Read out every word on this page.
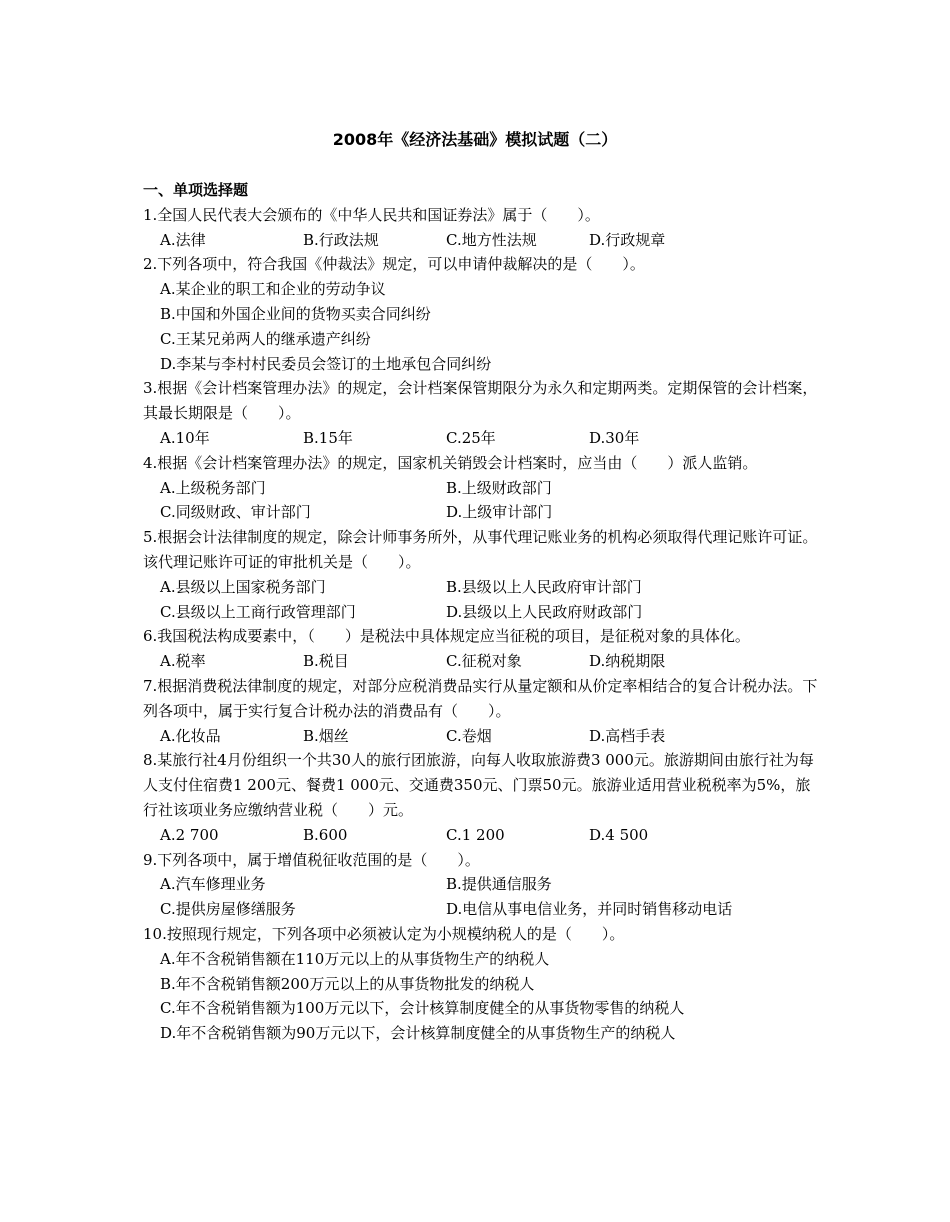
2008年《经济法基础》模拟试题（二）
一、单项选择题
1.全国人民代表大会颁布的《中华人民共和国证券法》属于（　　）。
A.法律	B.行政法规	C.地方性法规	D.行政规章
2.下列各项中，符合我国《仲裁法》规定，可以申请仲裁解决的是（　　）。
A.某企业的职工和企业的劳动争议
B.中国和外国企业间的货物买卖合同纠纷
C.王某兄弟两人的继承遗产纠纷
D.李某与李村村民委员会签订的土地承包合同纠纷
3.根据《会计档案管理办法》的规定，会计档案保管期限分为永久和定期两类。定期保管的会计档案，其最长期限是（　　）。
A.10年	B.15年	C.25年	D.30年
4.根据《会计档案管理办法》的规定，国家机关销毁会计档案时，应当由（　　）派人监销。
A.上级税务部门	B.上级财政部门
C.同级财政、审计部门	D.上级审计部门
5.根据会计法律制度的规定，除会计师事务所外，从事代理记账业务的机构必须取得代理记账许可证。该代理记账许可证的审批机关是（　　）。
A.县级以上国家税务部门	B.县级以上人民政府审计部门
C.县级以上工商行政管理部门	D.县级以上人民政府财政部门
6.我国税法构成要素中，（　　）是税法中具体规定应当征税的项目，是征税对象的具体化。
A.税率	B.税目	C.征税对象	D.纳税期限
7.根据消费税法律制度的规定，对部分应税消费品实行从量定额和从价定率相结合的复合计税办法。下列各项中，属于实行复合计税办法的消费品有（　　）。
A.化妆品	B.烟丝	C.卷烟	D.高档手表
8.某旅行社4月份组织一个共30人的旅行团旅游，向每人收取旅游费3 000元。旅游期间由旅行社为每人支付住宿费1 200元、餐费1 000元、交通费350元、门票50元。旅游业适用营业税税率为5%，旅行社该项业务应缴纳营业税（　　）元。
A.2 700	B.600	C.1 200	D.4 500
9.下列各项中，属于增值税征收范围的是（　　）。
A.汽车修理业务	B.提供通信服务
C.提供房屋修缮服务	D.电信从事电信业务，并同时销售移动电话
10.按照现行规定，下列各项中必须被认定为小规模纳税人的是（　　）。
A.年不含税销售额在110万元以上的从事货物生产的纳税人
B.年不含税销售额200万元以上的从事货物批发的纳税人
C.年不含税销售额为100万元以下，会计核算制度健全的从事货物零售的纳税人
D.年不含税销售额为90万元以下，会计核算制度健全的从事货物生产的纳税人
